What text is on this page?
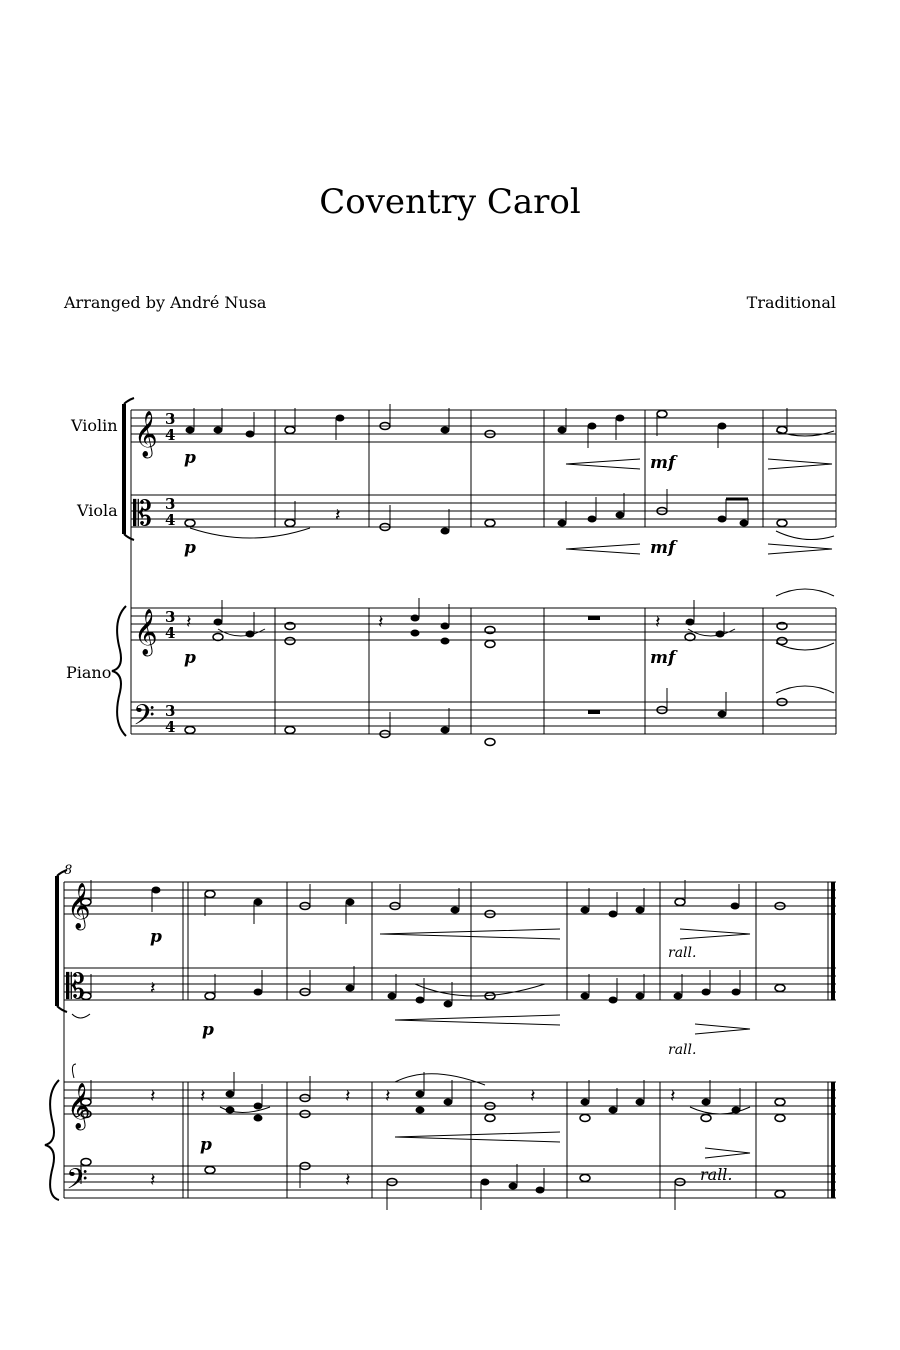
Coventry Carol
Arranged by André Nusa	Traditional
Violin
Viola
Piano
𝄞
𝄞
𝄞
𝄞
𝄢
𝄢
𝄡
𝄡
𝄽
𝄽	𝄽	𝄽
𝄽
𝄽 𝄽	𝄽 𝄽	𝄽	𝄽
𝄽	𝄽
3
4
3
4
3
4
3
4
p	mf
p	mf
p	mf
8
p
p
p
rall.
rall.
rall.
